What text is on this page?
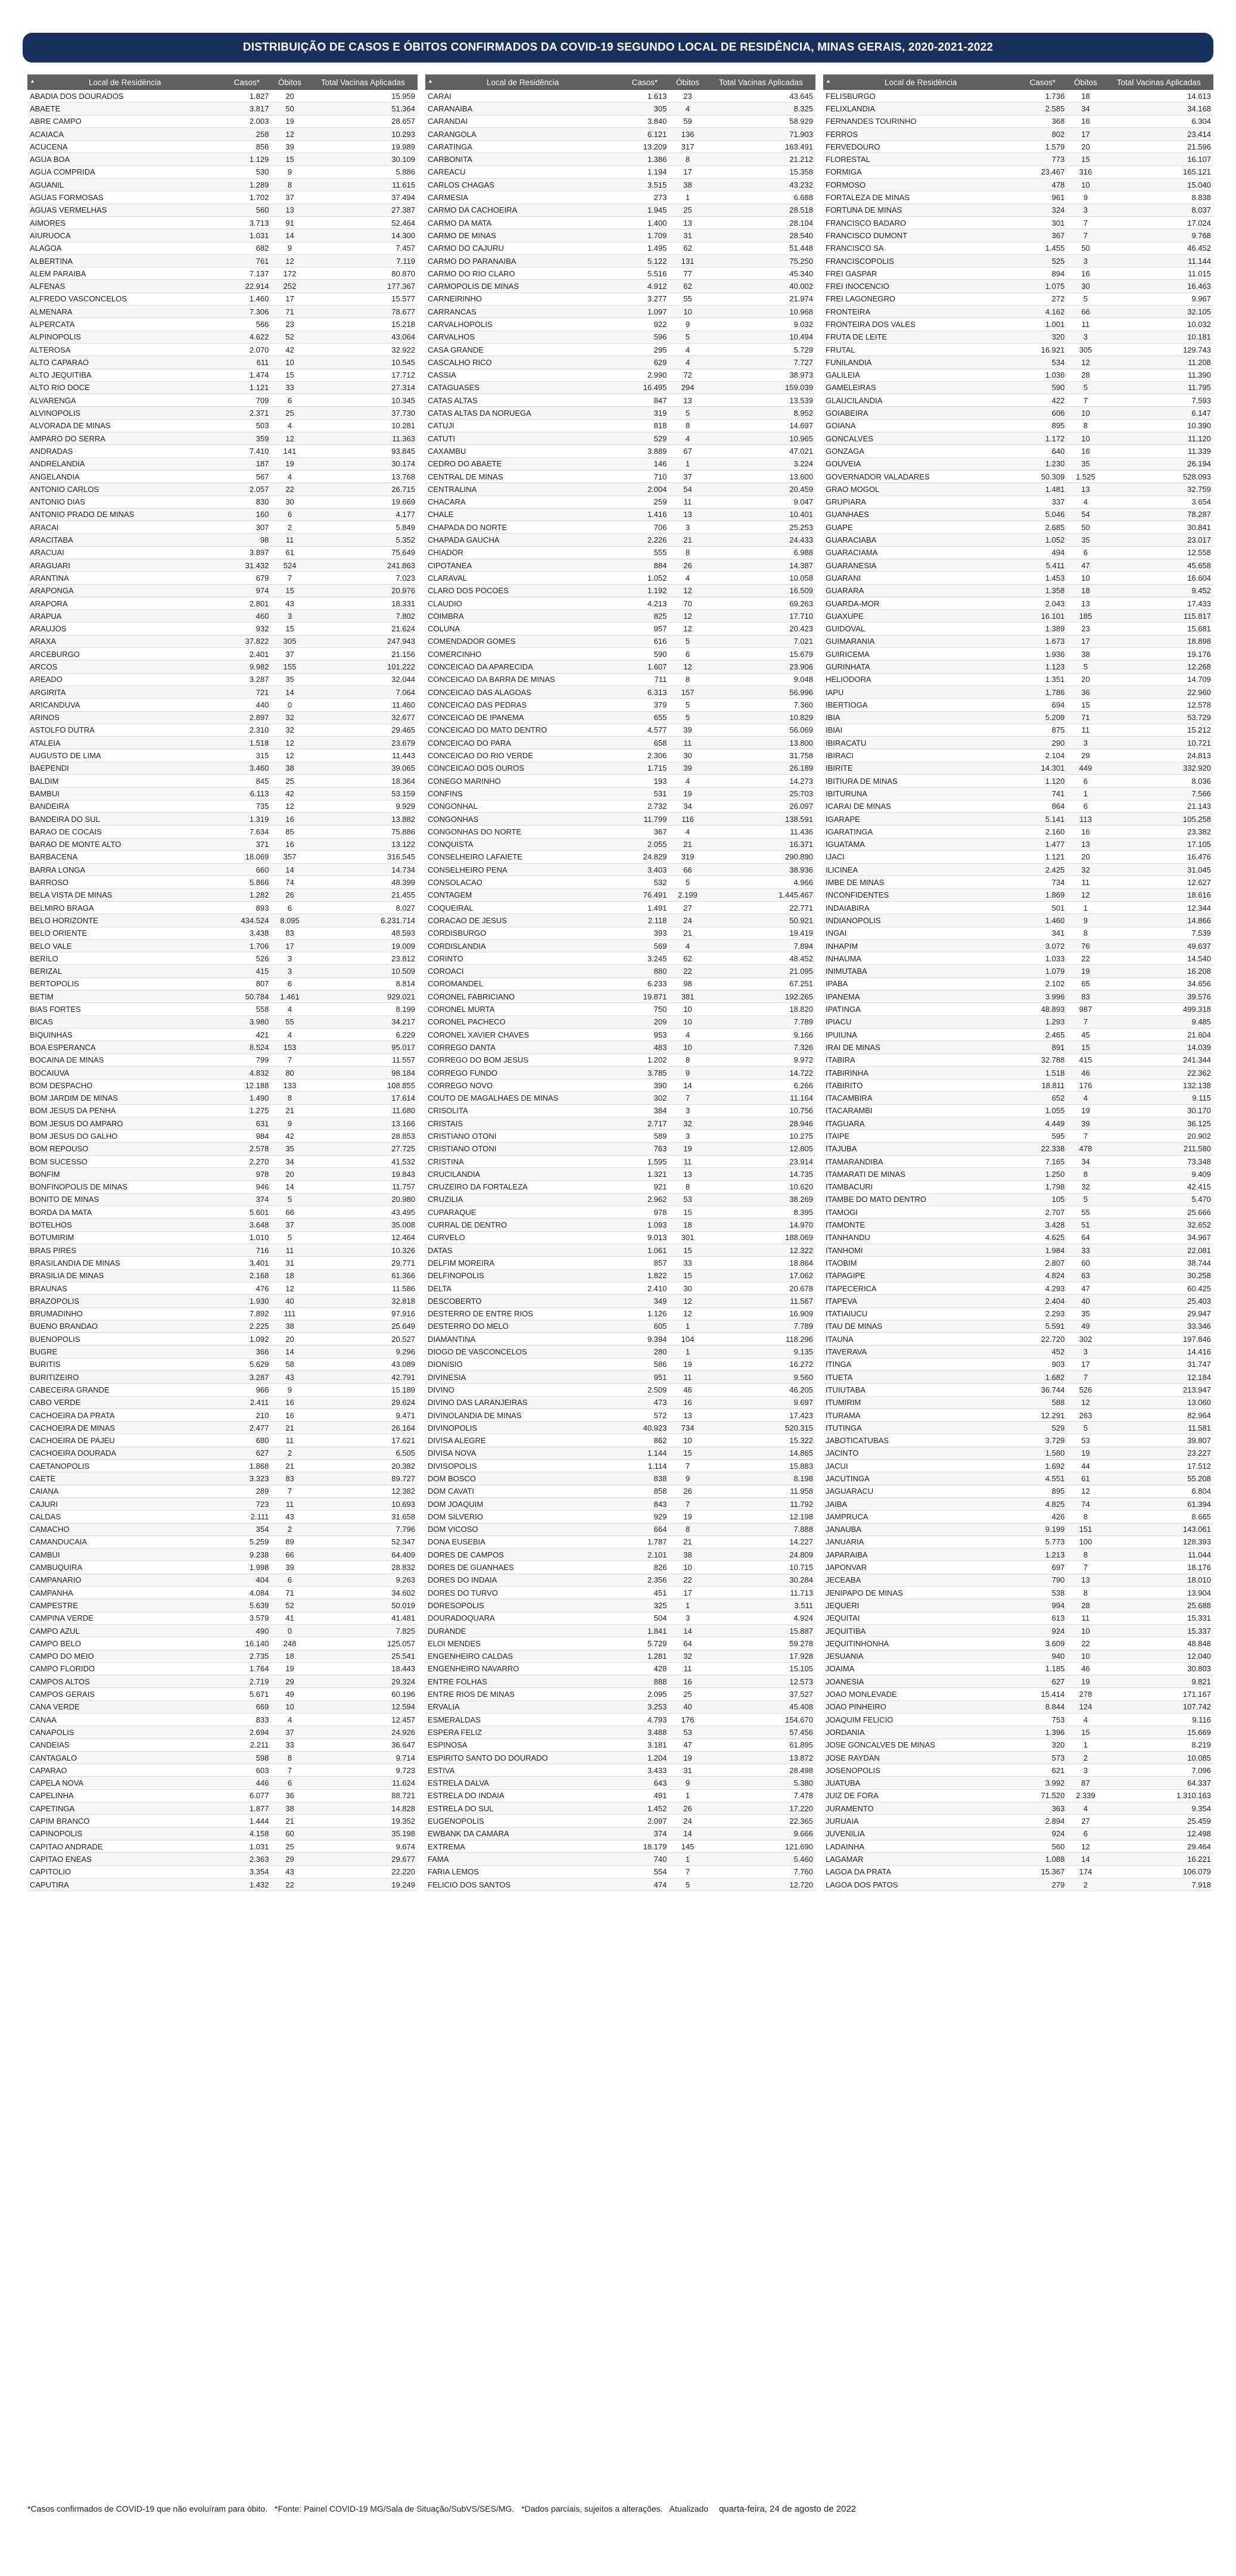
DISTRIBUIÇÃO DE CASOS E ÓBITOS CONFIRMADOS DA COVID-19 SEGUNDO LOCAL DE RESIDÊNCIA, MINAS GERAIS, 2020-2021-2022
▲ Local de Residência	Casos*	Óbitos	Total Vacinas Aplicadas
ABADIA DOS DOURADOS	1.827	20	15.959
ABAETE	3.817	50	51.364
ABRE CAMPO	2.003	19	28.657
ACAIACA	258	12	10.293
ACUCENA	856	39	19.989
AGUA BOA	1.129	15	30.109
AGUA COMPRIDA	530	9	5.886
AGUANIL	1.289	8	11.615
AGUAS FORMOSAS	1.702	37	37.494
AGUAS VERMELHAS	560	13	27.387
AIMORES	3.713	91	52.464
AIURUOCA	1.031	14	14.300
ALAGOA	682	9	7.457
ALBERTINA	761	12	7.119
ALEM PARAIBA	7.137	172	80.870
ALFENAS	22.914	252	177.367
ALFREDO VASCONCELOS	1.460	17	15.577
ALMENARA	7.306	71	78.677
ALPERCATA	566	23	15.218
ALPINOPOLIS	4.622	52	43.064
ALTEROSA	2.070	42	32.922
ALTO CAPARAO	611	10	10.545
ALTO JEQUITIBA	1.474	15	17.712
ALTO RIO DOCE	1.121	33	27.314
ALVARENGA	709	6	10.345
ALVINOPOLIS	2.371	25	37.730
ALVORADA DE MINAS	503	4	10.281
AMPARO DO SERRA	359	12	11.363
ANDRADAS	7.410	141	93.845
ANDRELANDIA	187	19	30.174
ANGELANDIA	567	4	13.768
ANTONIO CARLOS	2.057	22	26.715
ANTONIO DIAS	830	30	19.669
ANTONIO PRADO DE MINAS	160	6	4.177
ARACAI	307	2	5.849
ARACITABA	98	11	5.352
ARACUAI	3.897	61	75.649
ARAGUARI	31.432	524	241.863
ARANTINA	679	7	7.023
ARAPONGA	974	15	20.976
ARAPORA	2.801	43	18.331
ARAPUA	460	3	7.802
ARAUJOS	932	15	21.624
ARAXA	37.822	305	247.943
ARCEBURGO	2.401	37	21.156
ARCOS	9.982	155	101.222
AREADO	3.287	35	32.044
ARGIRITA	721	14	7.064
ARICANDUVA	440	0	11.460
ARINOS	2.897	32	32.677
ASTOLFO DUTRA	2.310	32	29.465
ATALEIA	1.518	12	23.679
AUGUSTO DE LIMA	315	12	11.443
BAEPENDI	3.460	38	39.065
BALDIM	845	25	18.364
BAMBUI	6.113	42	53.159
BANDEIRA	735	12	9.929
BANDEIRA DO SUL	1.319	16	13.882
BARAO DE COCAIS	7.634	85	75.886
BARAO DE MONTE ALTO	371	16	13.122
BARBACENA	18.069	357	316.545
BARRA LONGA	660	14	14.734
BARROSO	5.866	74	48.399
BELA VISTA DE MINAS	1.282	26	21.455
BELMIRO BRAGA	893	6	8.027
BELO HORIZONTE	434.524	8.095	6.231.714
BELO ORIENTE	3.438	83	48.593
BELO VALE	1.706	17	19.009
BERILO	526	3	23.812
BERIZAL	415	3	10.509
BERTOPOLIS	807	6	8.814
BETIM	50.784	1.461	929.021
BIAS FORTES	558	4	8.199
BICAS	3.980	55	34.217
BIQUINHAS	421	4	6.229
BOA ESPERANCA	8.524	153	95.017
BOCAINA DE MINAS	799	7	11.557
BOCAIUVA	4.832	80	98.184
BOM DESPACHO	12.188	133	108.855
BOM JARDIM DE MINAS	1.490	8	17.614
BOM JESUS DA PENHA	1.275	21	11.680
BOM JESUS DO AMPARO	631	9	13.166
BOM JESUS DO GALHO	984	42	28.853
BOM REPOUSO	2.578	35	27.725
BOM SUCESSO	2.270	34	41.532
BONFIM	978	20	19.843
BONFINOPOLIS DE MINAS	946	14	11.757
BONITO DE MINAS	374	5	20.980
BORDA DA MATA	5.601	66	43.495
BOTELHOS	3.648	37	35.008
BOTUMIRIM	1.010	5	12.464
BRAS PIRES	716	11	10.326
BRASILANDIA DE MINAS	3.401	31	29.771
BRASILIA DE MINAS	2.168	18	61.366
BRAUNAS	476	12	11.586
BRAZOPOLIS	1.930	40	32.818
BRUMADINHO	7.892	111	97.916
BUENO BRANDAO	2.225	38	25.649
BUENOPOLIS	1.092	20	20.527
BUGRE	366	14	9.296
BURITIS	5.629	58	43.089
BURITIZEIRO	3.287	43	42.791
CABECEIRA GRANDE	966	9	15.189
CABO VERDE	2.411	16	29.624
CACHOEIRA DA PRATA	210	16	9.471
CACHOEIRA DE MINAS	2.477	21	26.164
CACHOEIRA DE PAJEU	680	11	17.621
CACHOEIRA DOURADA	627	2	6.505
CAETANOPOLIS	1.868	21	20.382
CAETE	3.323	83	89.727
CAIANA	289	7	12.382
CAJURI	723	11	10.693
CALDAS	2.111	43	31.658
CAMACHO	354	2	7.796
CAMANDUCAIA	5.259	89	52.347
CAMBUI	9.238	66	64.409
CAMBUQUIRA	1.998	39	28.832
CAMPANARIO	404	6	9.263
CAMPANHA	4.084	71	34.602
CAMPESTRE	5.639	52	50.019
CAMPINA VERDE	3.579	41	41.481
CAMPO AZUL	490	0	7.825
CAMPO BELO	16.140	248	125.057
CAMPO DO MEIO	2.735	18	25.541
CAMPO FLORIDO	1.764	19	18.443
CAMPOS ALTOS	2.719	29	29.324
CAMPOS GERAIS	5.671	49	60.196
CANA VERDE	669	10	12.594
CANAA	833	4	12.457
CANAPOLIS	2.694	37	24.926
CANDEIAS	2.211	33	36.647
CANTAGALO	598	8	9.714
CAPARAO	603	7	9.723
CAPELA NOVA	446	6	11.624
CAPELINHA	6.077	36	88.721
CAPETINGA	1.877	38	14.828
CAPIM BRANCO	1.444	21	19.352
CAPINOPOLIS	4.158	60	35.198
CAPITAO ANDRADE	1.031	25	9.674
CAPITAO ENEAS	2.363	29	29.677
CAPITOLIO	3.354	43	22.220
CAPUTIRA	1.432	22	19.249
▲ Local de Residência	Casos*	Óbitos	Total Vacinas Aplicadas
CARAI	1.613	23	43.645
CARANAIBA	305	4	8.325
CARANDAI	3.840	59	58.929
CARANGOLA	6.121	136	71.903
CARATINGA	13.209	317	163.491
CARBONITA	1.386	8	21.212
CAREACU	1.194	17	15.358
CARLOS CHAGAS	3.515	38	43.232
CARMESIA	273	1	6.688
CARMO DA CACHOEIRA	1.945	25	28.518
CARMO DA MATA	1.400	13	28.104
CARMO DE MINAS	1.709	31	28.540
CARMO DO CAJURU	1.495	62	51.448
CARMO DO PARANAIBA	5.122	131	75.250
CARMO DO RIO CLARO	5.516	77	45.340
CARMOPOLIS DE MINAS	4.912	62	40.002
CARNEIRINHO	3.277	55	21.974
CARRANCAS	1.097	10	10.968
CARVALHOPOLIS	922	9	9.032
CARVALHOS	596	5	10.494
CASA GRANDE	295	4	5.729
CASCALHO RICO	629	4	7.727
CASSIA	2.990	72	38.973
CATAGUASES	16.495	294	159.039
CATAS ALTAS	847	13	13.539
CATAS ALTAS DA NORUEGA	319	5	8.952
CATUJI	818	8	14.697
CATUTI	529	4	10.965
CAXAMBU	3.889	67	47.021
CEDRO DO ABAETE	146	1	3.224
CENTRAL DE MINAS	710	37	13.600
CENTRALINA	2.004	54	20.459
CHACARA	259	11	9.047
CHALE	1.416	13	10.401
CHAPADA DO NORTE	706	3	25.253
CHAPADA GAUCHA	2.226	21	24.433
CHIADOR	555	8	6.988
CIPOTANEA	884	26	14.387
CLARAVAL	1.052	4	10.058
CLARO DOS POCOES	1.192	12	16.509
CLAUDIO	4.213	70	69.263
COIMBRA	825	12	17.710
COLUNA	957	12	20.423
COMENDADOR GOMES	616	5	7.021
COMERCINHO	590	6	15.679
CONCEICAO DA APARECIDA	1.607	12	23.906
CONCEICAO DA BARRA DE MINAS	711	8	9.048
CONCEICAO DAS ALAGOAS	6.313	157	56.996
CONCEICAO DAS PEDRAS	379	5	7.360
CONCEICAO DE IPANEMA	655	5	10.829
CONCEICAO DO MATO DENTRO	4.577	39	56.069
CONCEICAO DO PARA	658	11	13.800
CONCEICAO DO RIO VERDE	2.306	30	31.758
CONCEICAO DOS OUROS	1.715	39	26.189
CONEGO MARINHO	193	4	14.273
CONFINS	531	19	25.703
CONGONHAL	2.732	34	26.097
CONGONHAS	11.799	116	138.591
CONGONHAS DO NORTE	367	4	11.436
CONQUISTA	2.055	21	16.371
CONSELHEIRO LAFAIETE	24.829	319	290.890
CONSELHEIRO PENA	3.403	66	38.936
CONSOLACAO	532	5	4.966
CONTAGEM	76.491	2.199	1.445.467
COQUEIRAL	1.491	27	22.771
CORACAO DE JESUS	2.118	24	50.921
CORDISBURGO	393	21	19.419
CORDISLANDIA	569	4	7.894
CORINTO	3.245	62	48.452
COROACI	880	22	21.095
COROMANDEL	6.233	98	67.251
CORONEL FABRICIANO	19.871	381	192.265
CORONEL MURTA	750	10	18.820
CORONEL PACHECO	209	10	7.789
CORONEL XAVIER CHAVES	953	4	9.166
CORREGO DANTA	483	10	7.326
CORREGO DO BOM JESUS	1.202	8	9.972
CORREGO FUNDO	3.785	9	14.722
CORREGO NOVO	390	14	6.266
COUTO DE MAGALHAES DE MINAS	302	7	11.164
CRISOLITA	384	3	10.756
CRISTAIS	2.717	32	28.946
CRISTIANO OTONI	589	3	10.275
CRISTIANO OTONI	763	19	12.805
CRISTINA	1.595	11	23.914
CRUCILANDIA	1.321	13	14.735
CRUZEIRO DA FORTALEZA	921	8	10.620
CRUZILIA	2.962	53	38.269
CUPARAQUE	978	15	8.395
CURRAL DE DENTRO	1.093	18	14.970
CURVELO	9.013	301	188.069
DATAS	1.061	15	12.322
DELFIM MOREIRA	857	33	18.864
DELFINOPOLIS	1.822	15	17.062
DELTA	2.410	30	20.678
DESCOBERTO	349	12	11.567
DESTERRO DE ENTRE RIOS	1.126	12	16.909
DESTERRO DO MELO	605	1	7.789
DIAMANTINA	9.394	104	118.296
DIOGO DE VASCONCELOS	280	1	9.135
DIONISIO	586	19	16.272
DIVINESIA	951	11	9.560
DIVINO	2.509	46	46.205
DIVINO DAS LARANJEIRAS	473	16	9.697
DIVINOLANDIA DE MINAS	572	13	17.423
DIVINOPOLIS	40.923	734	520.315
DIVISA ALEGRE	862	10	15.322
DIVISA NOVA	1.144	15	14.865
DIVISOPOLIS	1.114	7	15.883
DOM BOSCO	838	9	8.198
DOM CAVATI	858	26	11.958
DOM JOAQUIM	843	7	11.792
DOM SILVERIO	929	19	12.198
DOM VICOSO	664	8	7.888
DONA EUSEBIA	1.787	21	14.227
DORES DE CAMPOS	2.101	38	24.809
DORES DE GUANHAES	826	10	10.715
DORES DO INDAIA	2.356	22	30.284
DORES DO TURVO	451	17	11.713
DORESOPOLIS	325	1	3.511
DOURADOQUARA	504	3	4.924
DURANDE	1.841	14	15.887
ELOI MENDES	5.729	64	59.278
ENGENHEIRO CALDAS	1.281	32	17.928
ENGENHEIRO NAVARRO	428	11	15.105
ENTRE FOLHAS	888	16	12.573
ENTRE RIOS DE MINAS	2.095	25	37.527
ERVALIA	3.253	40	45.408
ESMERALDAS	4.793	176	154.670
ESPERA FELIZ	3.488	53	57.456
ESPINOSA	3.181	47	61.895
ESPIRITO SANTO DO DOURADO	1.204	19	13.872
ESTIVA	3.433	31	28.498
ESTRELA DALVA	643	9	5.380
ESTRELA DO INDAIA	491	1	7.478
ESTRELA DO SUL	1.452	26	17.220
EUGENOPOLIS	2.097	24	22.365
EWBANK DA CAMARA	374	14	9.666
EXTREMA	18.179	145	121.690
FAMA	740	1	5.460
FARIA LEMOS	554	7	7.760
FELICIO DOS SANTOS	474	5	12.720
▲ Local de Residência	Casos*	Óbitos	Total Vacinas Aplicadas
FELISBURGO	1.736	18	14.613
FELIXLANDIA	2.585	34	34.168
FERNANDES TOURINHO	368	16	6.304
FERROS	802	17	23.414
FERVEDOURO	1.579	20	21.596
FLORESTAL	773	15	16.107
FORMIGA	23.467	316	165.121
FORMOSO	478	10	15.040
FORTALEZA DE MINAS	961	9	8.838
FORTUNA DE MINAS	324	3	8.037
FRANCISCO BADARO	301	7	17.024
FRANCISCO DUMONT	367	7	9.768
FRANCISCO SA	1.455	50	46.452
FRANCISCOPOLIS	525	3	11.144
FREI GASPAR	894	16	11.015
FREI INOCENCIO	1.075	30	16.463
FREI LAGONEGRO	272	5	9.967
FRONTEIRA	4.162	66	32.105
FRONTEIRA DOS VALES	1.001	11	10.032
FRUTA DE LEITE	320	3	10.181
FRUTAL	16.921	305	129.743
FUNILANDIA	534	12	11.208
GALILEIA	1.036	28	11.390
GAMELEIRAS	590	5	11.795
GLAUCILANDIA	422	7	7.593
GOIABEIRA	606	10	6.147
GOIANA	895	8	10.390
GONCALVES	1.172	10	11.120
GONZAGA	640	16	11.339
GOUVEIA	1.230	35	26.194
GOVERNADOR VALADARES	50.309	1.525	528.093
GRAO MOGOL	1.481	13	32.759
GRUPIARA	337	4	3.654
GUANHAES	5.046	54	78.287
GUAPE	2.685	50	30.841
GUARACIABA	1.052	35	23.017
GUARACIAMA	494	6	12.558
GUARANESIA	5.411	47	45.658
GUARANI	1.453	10	16.604
GUARARA	1.358	18	9.452
GUARDA-MOR	2.043	13	17.433
GUAXUPE	16.101	185	115.817
GUIDOVAL	1.389	23	15.681
GUIMARANIA	1.673	17	18.898
GUIRICEMA	1.936	38	19.176
GURINHATA	1.123	5	12.268
HELIODORA	1.351	20	14.709
IAPU	1.786	36	22.960
IBERTIOGA	694	15	12.578
IBIA	5.209	71	53.729
IBIAI	875	11	15.212
IBIRACATU	290	3	10.721
IBIRACI	2.104	29	24.813
IBIRITE	14.301	449	332.920
IBITIURA DE MINAS	1.120	6	8.036
IBITURUNA	741	1	7.566
ICARAI DE MINAS	864	6	21.143
IGARAPE	5.141	113	105.258
IGARATINGA	2.160	16	23.382
IGUATAMA	1.477	13	17.105
IJACI	1.121	20	16.476
ILICINEA	2.425	32	31.045
IMBE DE MINAS	734	11	12.627
INCONFIDENTES	1.869	12	18.616
INDAIABIRA	501	1	12.344
INDIANOPOLIS	1.460	9	14.866
INGAI	341	8	7.539
INHAPIM	3.072	76	49.637
INHAUMA	1.033	22	14.540
INIMUTABA	1.079	19	16.208
IPABA	2.102	65	34.656
IPANEMA	3.996	83	39.576
IPATINGA	48.893	987	499.318
IPIACU	1.293	7	9.485
IPUIUNA	2.465	45	21.604
IRAI DE MINAS	891	15	14.039
ITABIRA	32.788	415	241.344
ITABIRINHA	1.518	46	22.362
ITABIRITO	18.811	176	132.138
ITACAMBIRA	652	4	9.115
ITACARAMBI	1.055	19	30.170
ITAGUARA	4.449	39	36.125
ITAIPE	595	7	20.902
ITAJUBA	22.338	478	211.580
ITAMARANDIBA	7.165	34	73.348
ITAMARATI DE MINAS	1.250	8	9.409
ITAMBACURI	1.798	32	42.415
ITAMBE DO MATO DENTRO	105	5	5.470
ITAMOGI	2.707	55	25.666
ITAMONTE	3.428	51	32.652
ITANHANDU	4.625	64	34.967
ITANHOMI	1.984	33	22.081
ITAOBIM	2.807	60	38.744
ITAPAGIPE	4.824	63	30.258
ITAPECERICA	4.293	47	60.425
ITAPEVA	2.404	40	25.403
ITATIAIUCU	2.293	35	29.947
ITAU DE MINAS	5.591	49	33.346
ITAUNA	22.720	302	197.846
ITAVERAVA	452	3	14.416
ITINGA	903	17	31.747
ITUETA	1.682	7	12.184
ITUIUTABA	36.744	526	213.947
ITUMIRIM	588	12	13.060
ITURAMA	12.291	263	82.964
ITUTINGA	529	5	11.581
JABOTICATUBAS	3.729	53	39.807
JACINTO	1.580	19	23.227
JACUI	1.692	44	17.512
JACUTINGA	4.551	61	55.208
JAGUARACU	895	12	6.804
JAIBA	4.825	74	61.394
JAMPRUCA	426	8	8.665
JANAUBA	9.199	151	143.061
JANUARIA	5.773	100	128.393
JAPARAIBA	1.213	8	11.044
JAPONVAR	697	7	18.176
JECEABA	790	13	18.010
JENIPAPO DE MINAS	538	8	13.904
JEQUERI	994	28	25.688
JEQUITAI	613	11	15.331
JEQUITIBA	924	10	15.337
JEQUITINHONHA	3.609	22	48.848
JESUANIA	940	10	12.040
JOAIMA	1.185	46	30.803
JOANESIA	627	19	9.821
JOAO MONLEVADE	15.414	278	171.167
JOAO PINHEIRO	8.844	124	107.742
JOAQUIM FELICIO	753	4	9.116
JORDANIA	1.396	15	15.669
JOSE GONCALVES DE MINAS	320	1	8.219
JOSE RAYDAN	573	2	10.085
JOSENOPOLIS	621	3	7.096
JUATUBA	3.992	87	64.337
JUIZ DE FORA	71.520	2.339	1.310.163
JURAMENTO	363	4	9.354
JURUAIA	2.894	27	25.459
JUVENILIA	924	6	12.498
LADAINHA	560	12	29.464
LAGAMAR	1.088	14	16.221
LAGOA DA PRATA	15.367	174	106.079
LAGOA DOS PATOS	279	2	7.918
*Casos confirmados de COVID-19 que não evoluíram para óbito. *Fonte: Painel COVID-19 MG/Sala de Situação/SubVS/SES/MG. *Dados parciais, sujeitos a alterações. Atualizado quarta-feira, 24 de agosto de 2022
